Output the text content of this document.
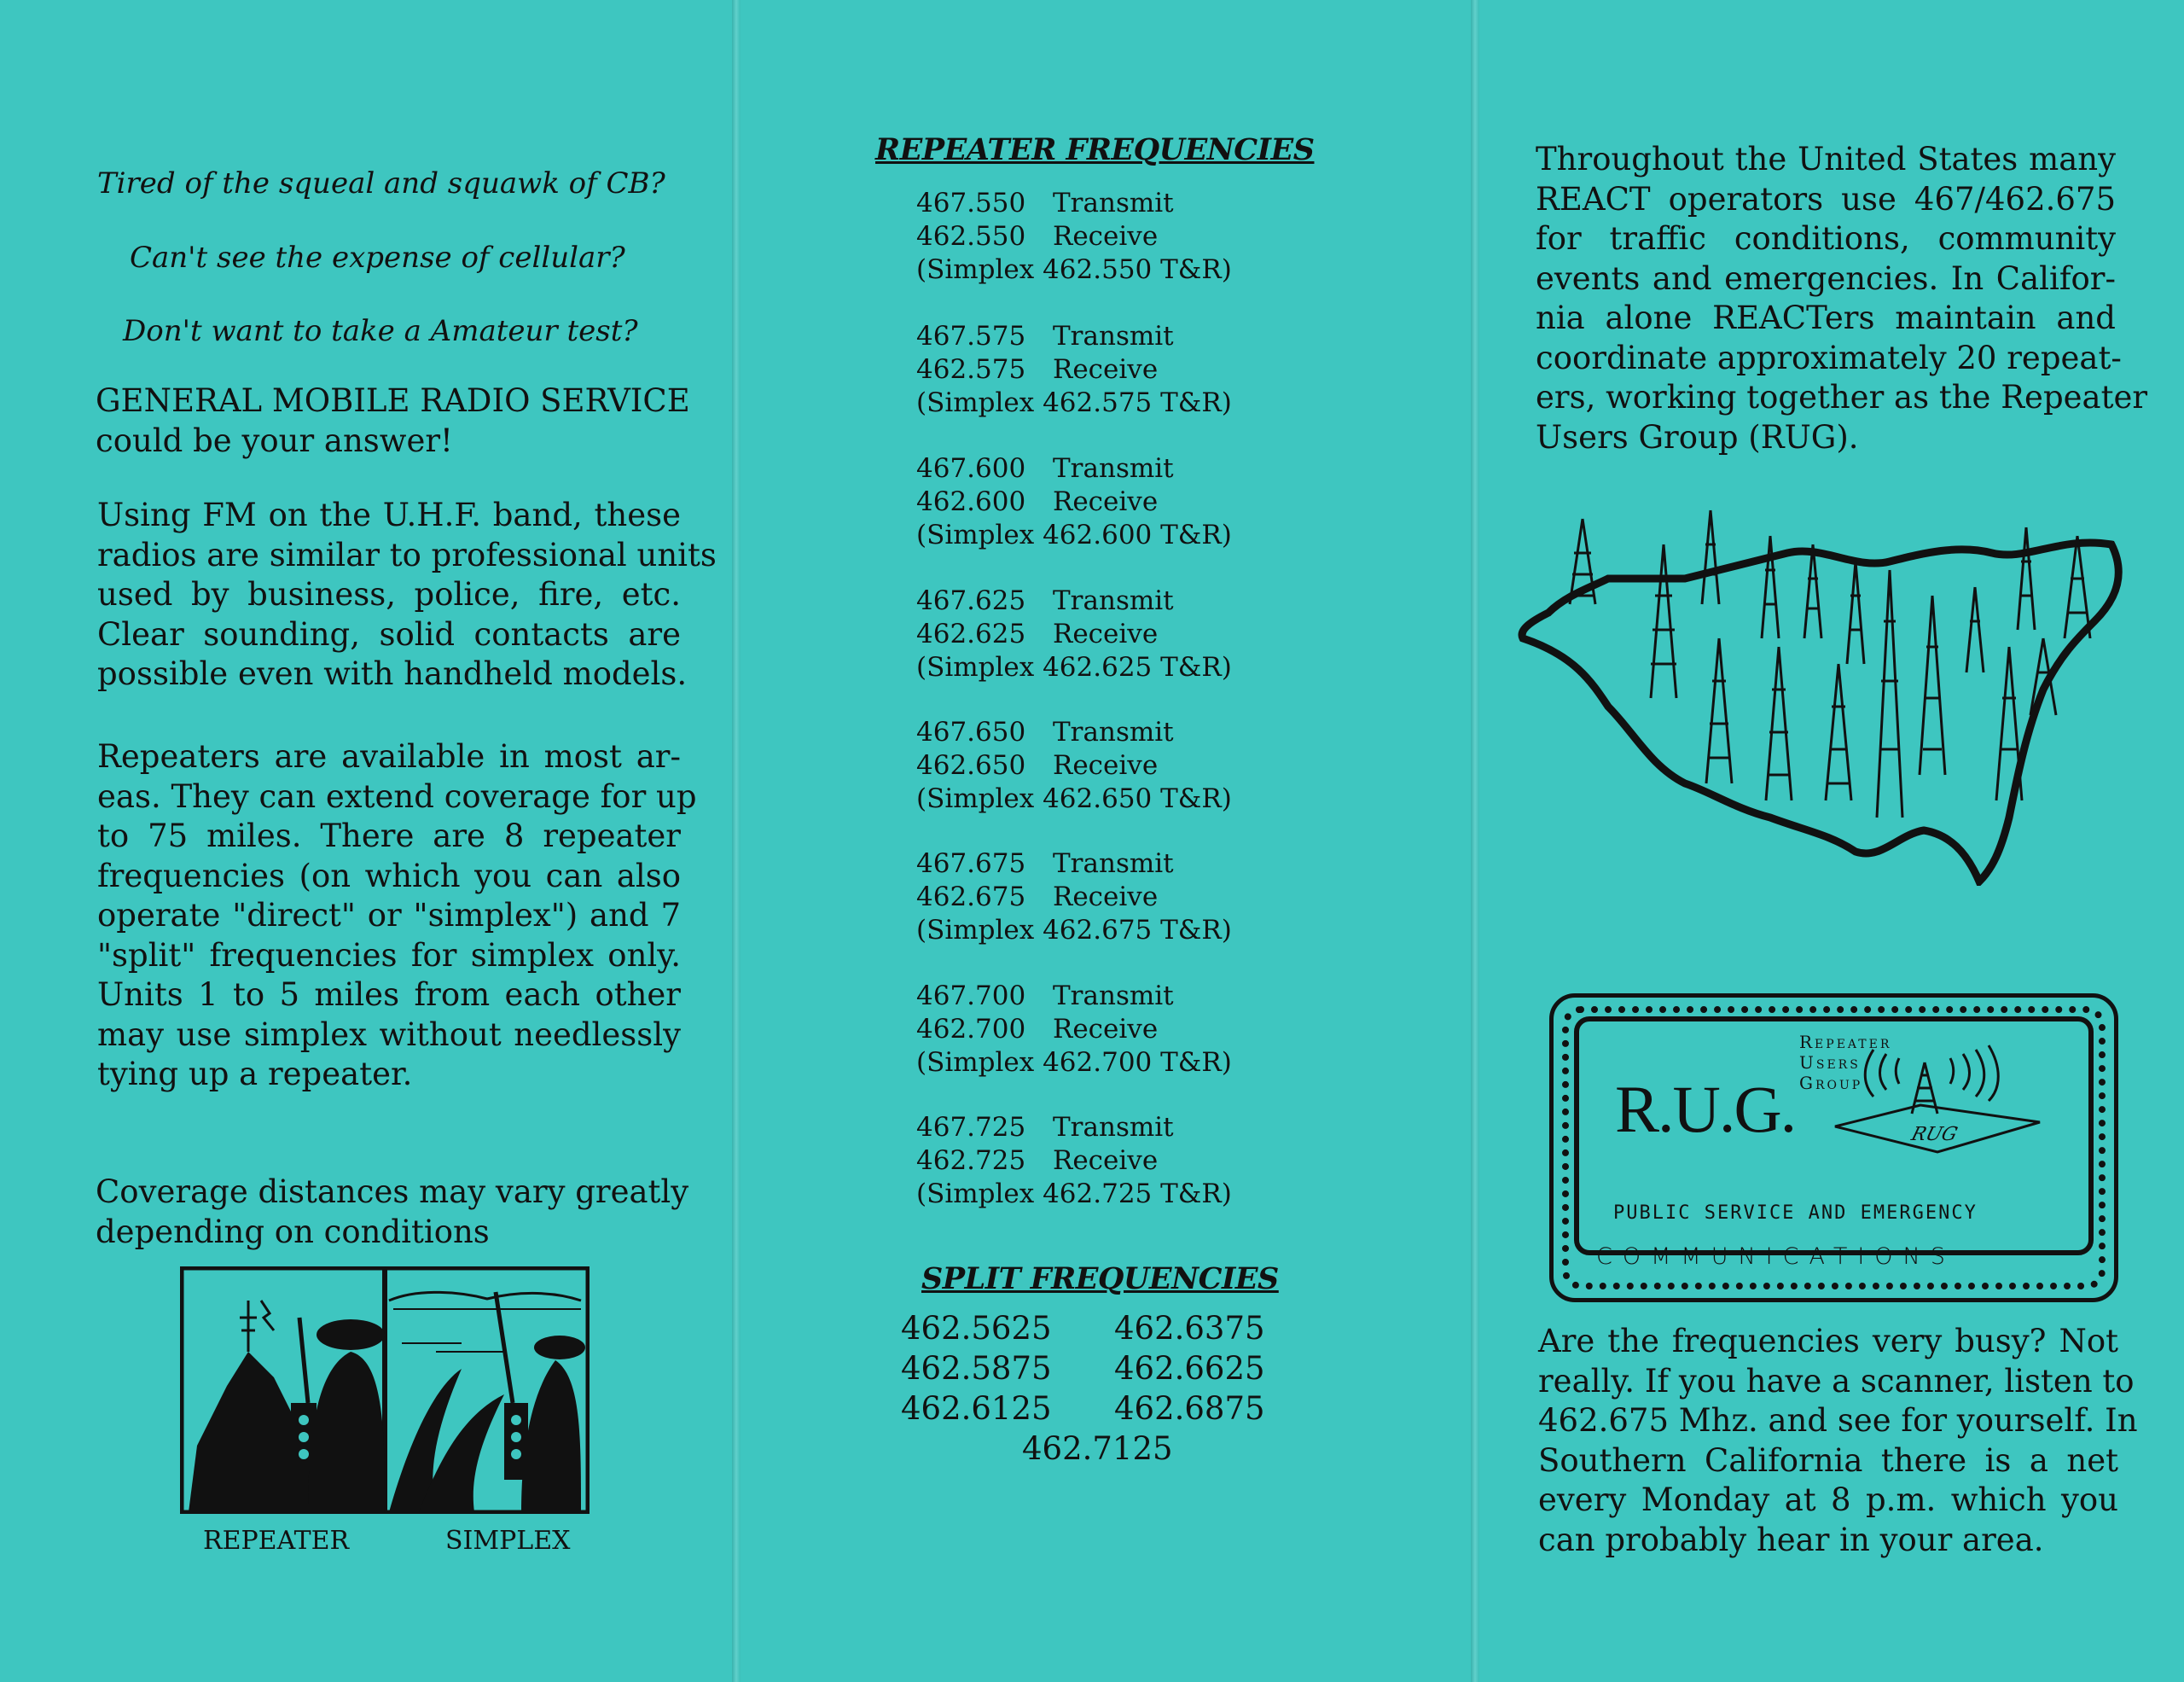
Tired of the squeal and squawk of CB?
Can't see the expense of cellular?
Don't want to take a Amateur test?
GENERAL MOBILE RADIO SERVICE
could be your answer!
Using FM on the U.H.F. band, these
radios are similar to professional units
used by business, police, fire, etc.
Clear sounding, solid contacts are
possible even with handheld models.
Repeaters are available in most ar-
eas. They can extend coverage for up
to 75 miles. There are 8 repeater
frequencies (on which you can also
operate "direct" or "simplex") and 7
"split" frequencies for simplex only.
Units 1 to 5 miles from each other
may use simplex without needlessly
tying up a repeater.
Coverage distances may vary greatly
depending on conditions
REPEATER	SIMPLEX
REPEATER FREQUENCIES
467.550 Transmit
462.550 Receive
(Simplex 462.550 T&R)
467.575 Transmit
462.575 Receive
(Simplex 462.575 T&R)
467.600 Transmit
462.600 Receive
(Simplex 462.600 T&R)
467.625 Transmit
462.625 Receive
(Simplex 462.625 T&R)
467.650 Transmit
462.650 Receive
(Simplex 462.650 T&R)
467.675 Transmit
462.675 Receive
(Simplex 462.675 T&R)
467.700 Transmit
462.700 Receive
(Simplex 462.700 T&R)
467.725 Transmit
462.725 Receive
(Simplex 462.725 T&R)
SPLIT FREQUENCIES
462.5625 462.6375
462.5875 462.6625
462.6125 462.6875
462.7125
Throughout the United States many
REACT operators use 467/462.675
for traffic conditions, community
events and emergencies. In Califor-
nia alone REACTers maintain and
coordinate approximately 20 repeat-
ers, working together as the Repeater
Users Group (RUG).
R.U.G.
Repeater
Users
Group
RUG
PUBLIC SERVICE AND EMERGENCY
COMMUNICATIONS
Are the frequencies very busy? Not
really. If you have a scanner, listen to
462.675 Mhz. and see for yourself. In
Southern California there is a net
every Monday at 8 p.m. which you
can probably hear in your area.
